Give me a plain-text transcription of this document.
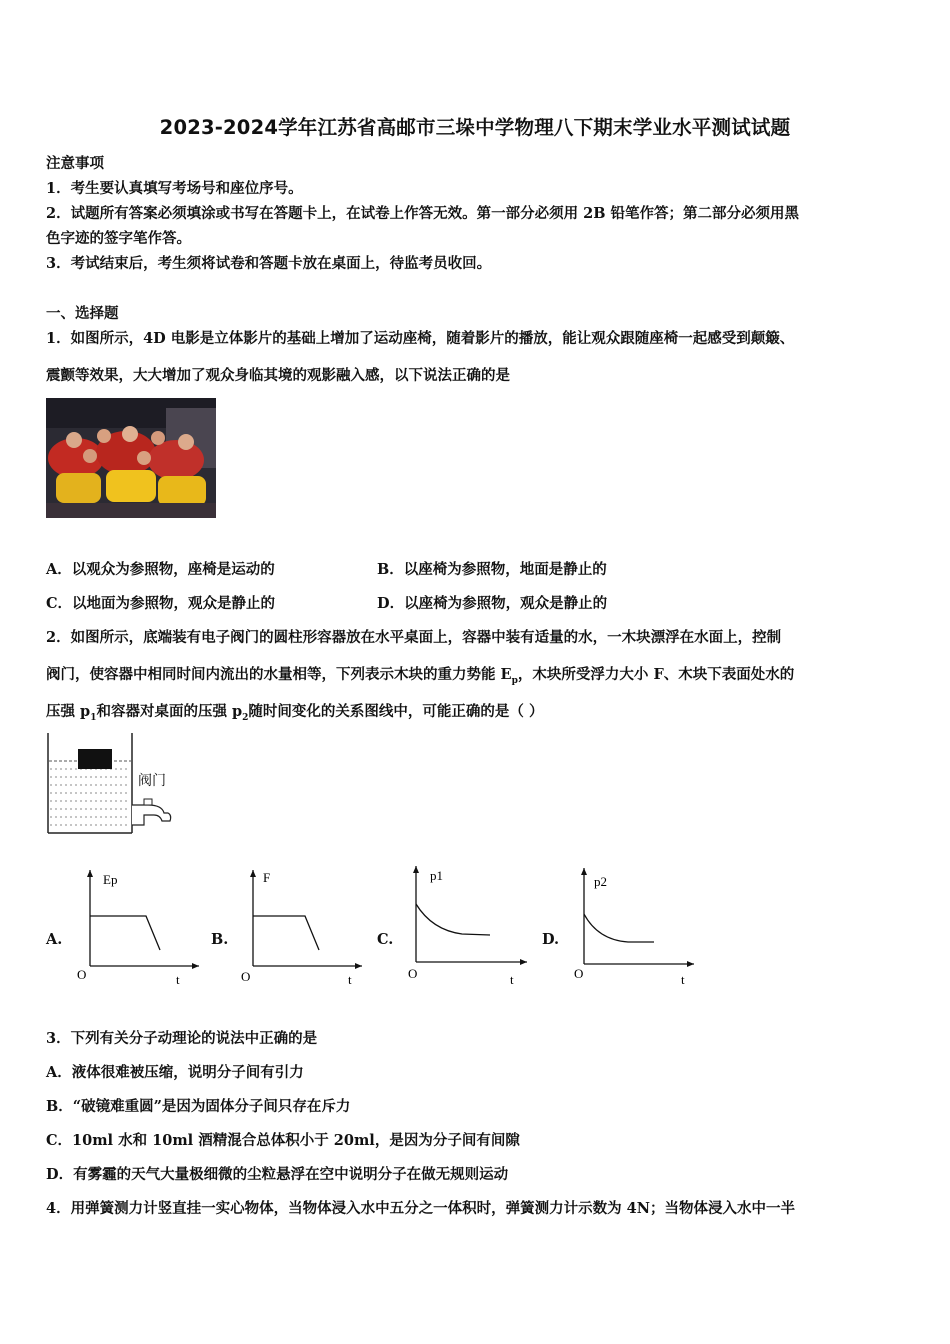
2023-2024学年江苏省高邮市三垛中学物理八下期末学业水平测试试题
注意事项
1．考生要认真填写考场号和座位序号。
2．试题所有答案必须填涂或书写在答题卡上，在试卷上作答无效。第一部分必须用 2B 铅笔作答；第二部分必须用黑
色字迹的签字笔作答。
3．考试结束后，考生须将试卷和答题卡放在桌面上，待监考员收回。
一、选择题
1．如图所示，4D 电影是立体影片的基础上增加了运动座椅，随着影片的播放，能让观众跟随座椅一起感受到颠簸、
震颤等效果，大大增加了观众身临其境的观影融入感，以下说法正确的是
A．以观众为参照物，座椅是运动的	B．以座椅为参照物，地面是静止的
C．以地面为参照物，观众是静止的	D．以座椅为参照物，观众是静止的
2．如图所示，底端装有电子阀门的圆柱形容器放在水平桌面上，容器中装有适量的水，一木块漂浮在水面上，控制
阀门，使容器中相同时间内流出的水量相等，下列表示木块的重力势能 $E_p$，木块所受浮力大小 F、木块下表面处水的
压强 $p_1$和容器对桌面的压强 $p_2$随时间变化的关系图线中，可能正确的是（ ）
阀门
A.
Ep
O	t
B.
F
O	t
C.
p1
O	t
D.
p2
O	t
3．下列有关分子动理论的说法中正确的是
A．液体很难被压缩，说明分子间有引力
B．“破镜难重圆”是因为固体分子间只存在斥力
C．10ml 水和 10ml 酒精混合总体积小于 20ml，是因为分子间有间隙
D．有雾霾的天气大量极细微的尘粒悬浮在空中说明分子在做无规则运动
4．用弹簧测力计竖直挂一实心物体，当物体浸入水中五分之一体积时，弹簧测力计示数为 4N；当物体浸入水中一半
